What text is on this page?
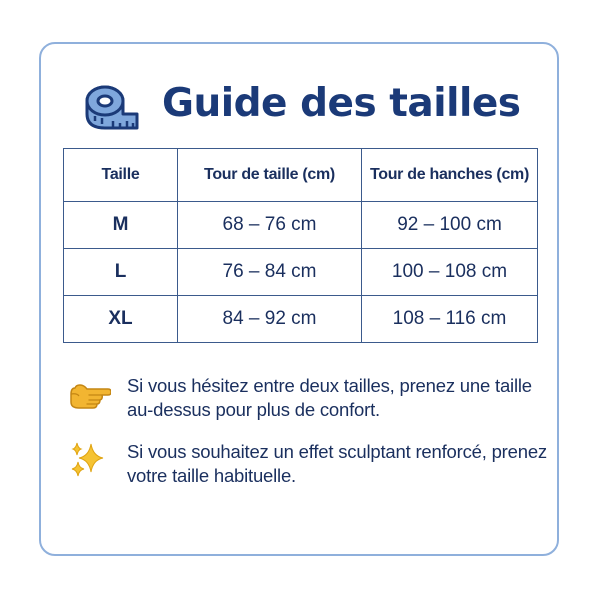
Guide des tailles
Taille	Tour de taille (cm)	Tour de hanches (cm)
M	68 – 76 cm	92 – 100 cm
L	76 – 84 cm	100 – 108 cm
XL	84 – 92 cm	108 – 116 cm
Si vous hésitez entre deux tailles, prenez une taille au-dessus pour plus de confort.
Si vous souhaitez un effet sculptant renforcé, prenez votre taille habituelle.
